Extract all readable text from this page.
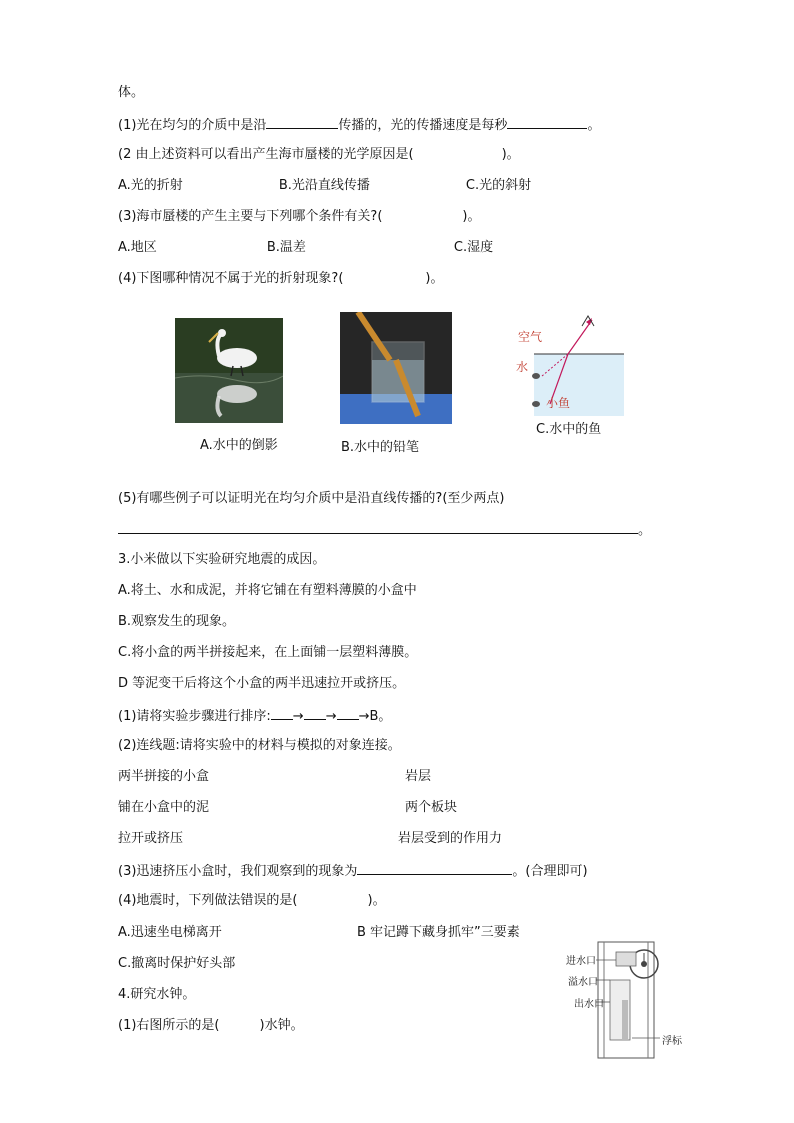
体。
(1)光在均匀的介质中是沿	传播的，光的传播速度是每秒	。
(2 由上述资料可以看出产生海市蜃楼的光学原因是(	)。
A.光的折射	B.光沿直线传播	C.光的斜射
(3)海市蜃楼的产生主要与下列哪个条件有关?(	)。
A.地区	B.温差	C.湿度
(4)下图哪种情况不属于光的折射现象?(	)。
A.水中的倒影	B.水中的铅笔
空气
水
小鱼
C.水中的鱼
(5)有哪些例子可以证明光在均匀介质中是沿直线传播的?(至少两点)
。
3.小米做以下实验研究地震的成因。
A.将土、水和成泥，并将它铺在有塑料薄膜的小盒中
B.观察发生的现象。
C.将小盒的两半拼接起来，在上面铺一层塑料薄膜。
D 等泥变干后将这个小盒的两半迅速拉开或挤压。
(1)请将实验步骤进行排序: → → →B。
(2)连线题:请将实验中的材料与模拟的对象连接。
两半拼接的小盒	岩层
铺在小盒中的泥	两个板块
拉开或挤压	岩层受到的作用力
(3)迅速挤压小盒时，我们观察到的现象为	。(合理即可)
(4)地震时，下列做法错误的是(	)。
A.迅速坐电梯离开	B 牢记蹲下藏身抓牢”三要素
C.撤离时保护好头部
4.研究水钟。
(1)右图所示的是(	)水钟。
进水口
溢水口
出水口
浮标
